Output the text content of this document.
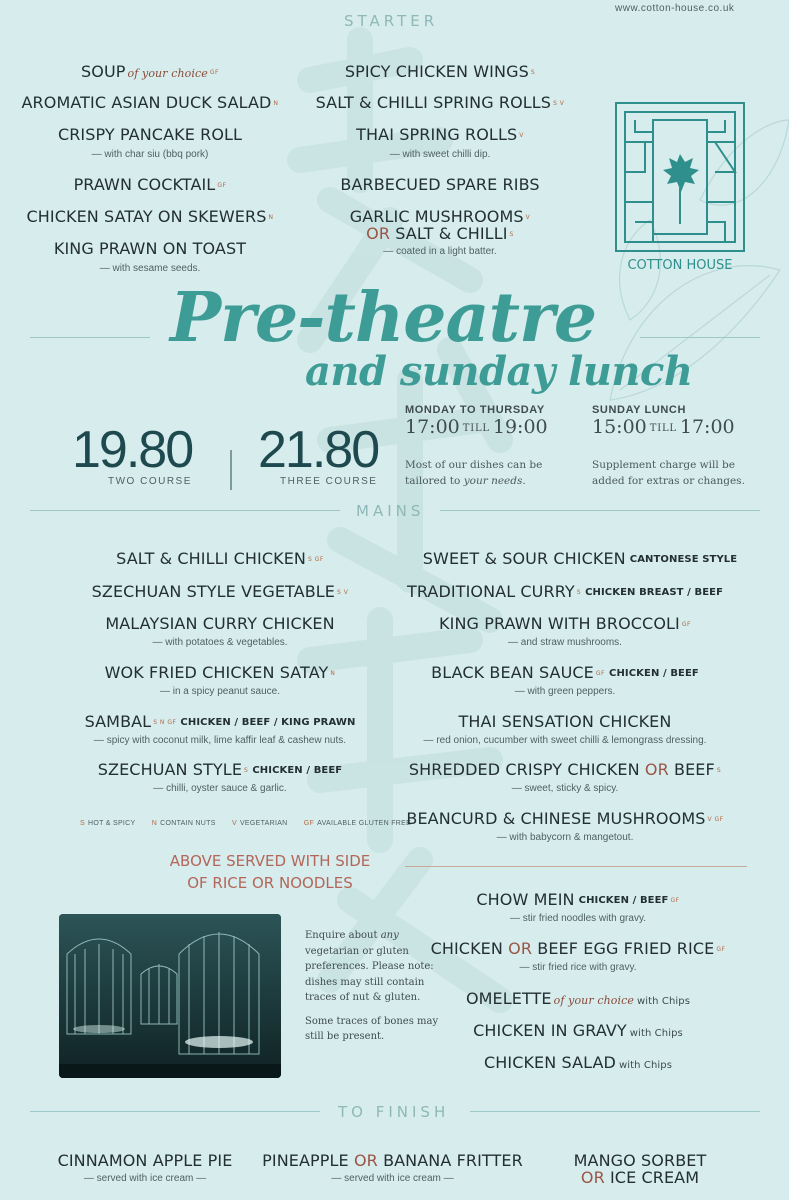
www.cotton-house.co.uk
STARTER
SOUP of your choice GF
AROMATIC ASIAN DUCK SALAD N
CRISPY PANCAKE ROLL
— with char siu (bbq pork)
PRAWN COCKTAIL GF
CHICKEN SATAY ON SKEWERS N
KING PRAWN ON TOAST
— with sesame seeds.
SPICY CHICKEN WINGS S
SALT & CHILLI SPRING ROLLS S V
THAI SPRING ROLLS V
— with sweet chilli dip.
BARBECUED SPARE RIBS
GARLIC MUSHROOMS V
OR SALT & CHILLI S
— coated in a light batter.
COTTON HOUSE
Pre-theatre
and sunday lunch
19.80
TWO COURSE
21.80
THREE COURSE
MONDAY TO THURSDAY
17:00 TILL 19:00
Most of our dishes can be
tailored to your needs.
SUNDAY LUNCH
15:00 TILL 17:00
Supplement charge will be
added for extras or changes.
MAINS
SALT & CHILLI CHICKEN S GF
SZECHUAN STYLE VEGETABLE S V
MALAYSIAN CURRY CHICKEN
— with potatoes & vegetables.
WOK FRIED CHICKEN SATAY N
— in a spicy peanut sauce.
SAMBAL S N GF CHICKEN / BEEF / KING PRAWN
— spicy with coconut milk, lime kaffir leaf & cashew nuts.
SZECHUAN STYLE S CHICKEN / BEEF
— chilli, oyster sauce & garlic.
S HOT & SPICY N CONTAIN NUTS V VEGETARIAN GF AVAILABLE GLUTEN FREE
SWEET & SOUR CHICKEN CANTONESE STYLE
TRADITIONAL CURRY S CHICKEN BREAST / BEEF
KING PRAWN WITH BROCCOLI GF
— and straw mushrooms.
BLACK BEAN SAUCE GF CHICKEN / BEEF
— with green peppers.
THAI SENSATION CHICKEN
— red onion, cucumber with sweet chilli & lemongrass dressing.
SHREDDED CRISPY CHICKEN OR BEEF S
— sweet, sticky & spicy.
BEANCURD & CHINESE MUSHROOMS V GF
— with babycorn & mangetout.
ABOVE SERVED WITH SIDE
OF RICE OR NOODLES

Enquire about any vegetarian or gluten preferences. Please note: dishes may still contain traces of nut & gluten.

Some traces of bones may still be present.

CHOW MEIN CHICKEN / BEEF GF
— stir fried noodles with gravy.
CHICKEN OR BEEF EGG FRIED RICE GF
— stir fried rice with gravy.
OMELETTE of your choice with Chips
CHICKEN IN GRAVY with Chips
CHICKEN SALAD with Chips
TO FINISH
CINNAMON APPLE PIE
— served with ice cream —
PINEAPPLE OR BANANA FRITTER
— served with ice cream —
MANGO SORBET
OR ICE CREAM
